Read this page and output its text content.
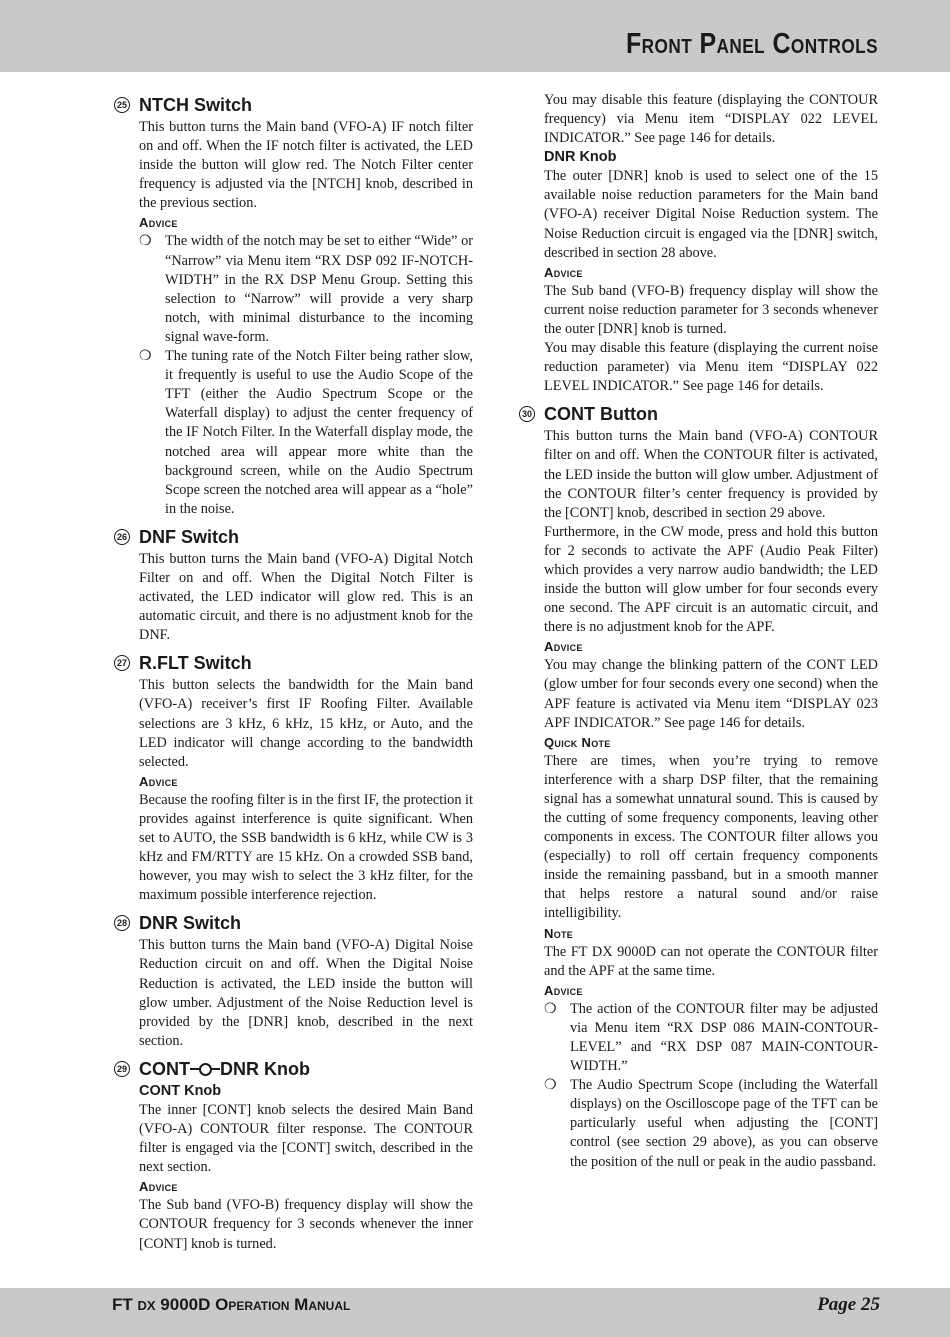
Front Panel Controls
25 NTCH Switch

This button turns the Main band (VFO-A) IF notch filter on and off. When the IF notch filter is activated, the LED inside the button will glow red. The Notch Filter center frequency is adjusted via the [NTCH] knob, described in the previous section.

Advice
❍ The width of the notch may be set to either “Wide” or “Narrow” via Menu item “RX DSP 092 IF-NOTCH-WIDTH” in the RX DSP Menu Group. Setting this selection to “Narrow” will provide a very sharp notch, with minimal disturbance to the incoming signal wave-form.
❍ The tuning rate of the Notch Filter being rather slow, it frequently is useful to use the Audio Scope of the TFT (either the Audio Spectrum Scope or the Waterfall display) to adjust the center frequency of the IF Notch Filter. In the Waterfall display mode, the notched area will appear more white than the background screen, while on the Audio Spectrum Scope screen the notched area will appear as a “hole” in the noise.
26 DNF Switch

This button turns the Main band (VFO-A) Digital Notch Filter on and off. When the Digital Notch Filter is activated, the LED indicator will glow red. This is an automatic circuit, and there is no adjustment knob for the DNF.

27 R.FLT Switch

This button selects the bandwidth for the Main band (VFO-A) receiver’s first IF Roofing Filter. Available selections are 3 kHz, 6 kHz, 15 kHz, or Auto, and the LED indicator will change according to the bandwidth selected.

Advice

Because the roofing filter is in the first IF, the protection it provides against interference is quite significant. When set to AUTO, the SSB bandwidth is 6 kHz, while CW is 3 kHz and FM/RTTY are 15 kHz. On a crowded SSB band, however, you may wish to select the 3 kHz filter, for the maximum possible interference rejection.

28 DNR Switch

This button turns the Main band (VFO-A) Digital Noise Reduction circuit on and off. When the Digital Noise Reduction is activated, the LED inside the button will glow umber. Adjustment of the Noise Reduction level is provided by the [DNR] knob, described in the next section.

29 CONT DNR Knob
CONT Knob

The inner [CONT] knob selects the desired Main Band (VFO-A) CONTOUR filter response. The CONTOUR filter is engaged via the [CONT] switch, described in the next section.

Advice

The Sub band (VFO-B) frequency display will show the CONTOUR frequency for 3 seconds whenever the inner [CONT] knob is turned.

You may disable this feature (displaying the CONTOUR frequency) via Menu item “DISPLAY 022 LEVEL INDICATOR.” See page 146 for details.

DNR Knob

The outer [DNR] knob is used to select one of the 15 available noise reduction parameters for the Main band (VFO-A) receiver Digital Noise Reduction system. The Noise Reduction circuit is engaged via the [DNR] switch, described in section 28 above.

Advice

The Sub band (VFO-B) frequency display will show the current noise reduction parameter for 3 seconds whenever the outer [DNR] knob is turned.

You may disable this feature (displaying the current noise reduction parameter) via Menu item “DISPLAY 022 LEVEL INDICATOR.” See page 146 for details.

30 CONT Button

This button turns the Main band (VFO-A) CONTOUR filter on and off. When the CONTOUR filter is activated, the LED inside the button will glow umber. Adjustment of the CONTOUR filter’s center frequency is provided by the [CONT] knob, described in section 29 above.

Furthermore, in the CW mode, press and hold this button for 2 seconds to activate the APF (Audio Peak Filter) which provides a very narrow audio bandwidth; the LED inside the button will glow umber for four seconds every one second. The APF circuit is an automatic circuit, and there is no adjustment knob for the APF.

Advice

You may change the blinking pattern of the CONT LED (glow umber for four seconds every one second) when the APF feature is activated via Menu item “DISPLAY 023 APF INDICATOR.” See page 146 for details.

Quick Note

There are times, when you’re trying to remove interference with a sharp DSP filter, that the remaining signal has a somewhat unnatural sound. This is caused by the cutting of some frequency components, leaving other components in excess. The CONTOUR filter allows you (especially) to roll off certain frequency components inside the remaining passband, but in a smooth manner that helps restore a natural sound and/or raise intelligibility.

Note

The FT DX 9000D can not operate the CONTOUR filter and the APF at the same time.

Advice
❍ The action of the CONTOUR filter may be adjusted via Menu item “RX DSP 086 MAIN-CONTOUR-LEVEL” and “RX DSP 087 MAIN-CONTOUR-WIDTH.”
❍ The Audio Spectrum Scope (including the Waterfall displays) on the Oscilloscope page of the TFT can be particularly useful when adjusting the [CONT] control (see section 29 above), as you can observe the position of the null or peak in the audio passband.
FT DX 9000D Operation Manual	Page 25
